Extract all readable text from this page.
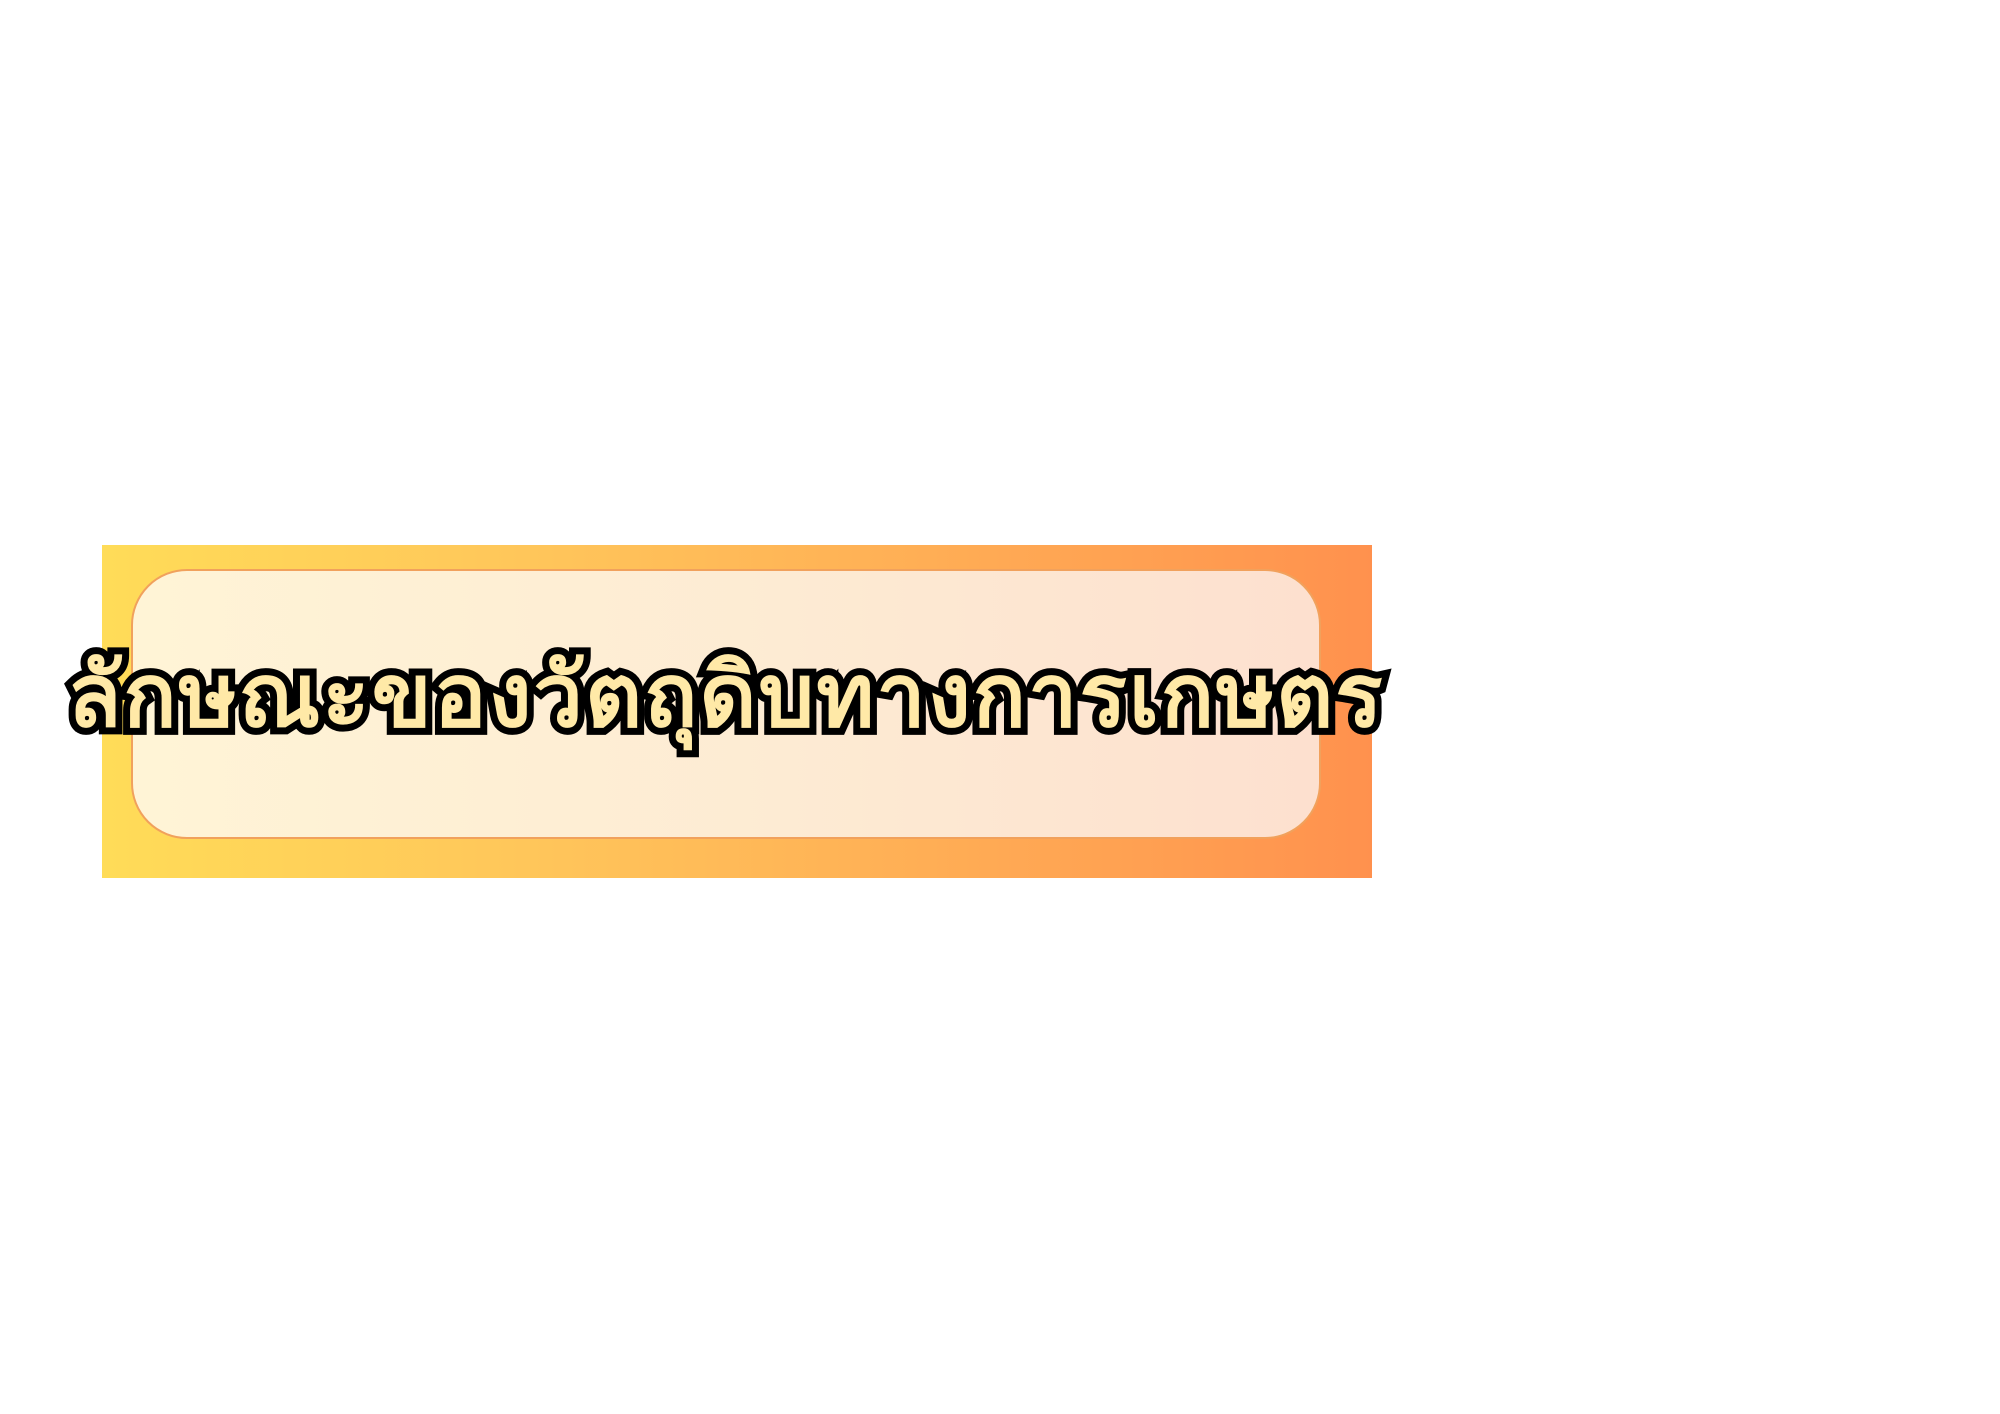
ลักษณะของวัตถุดิบทางการเกษตร
